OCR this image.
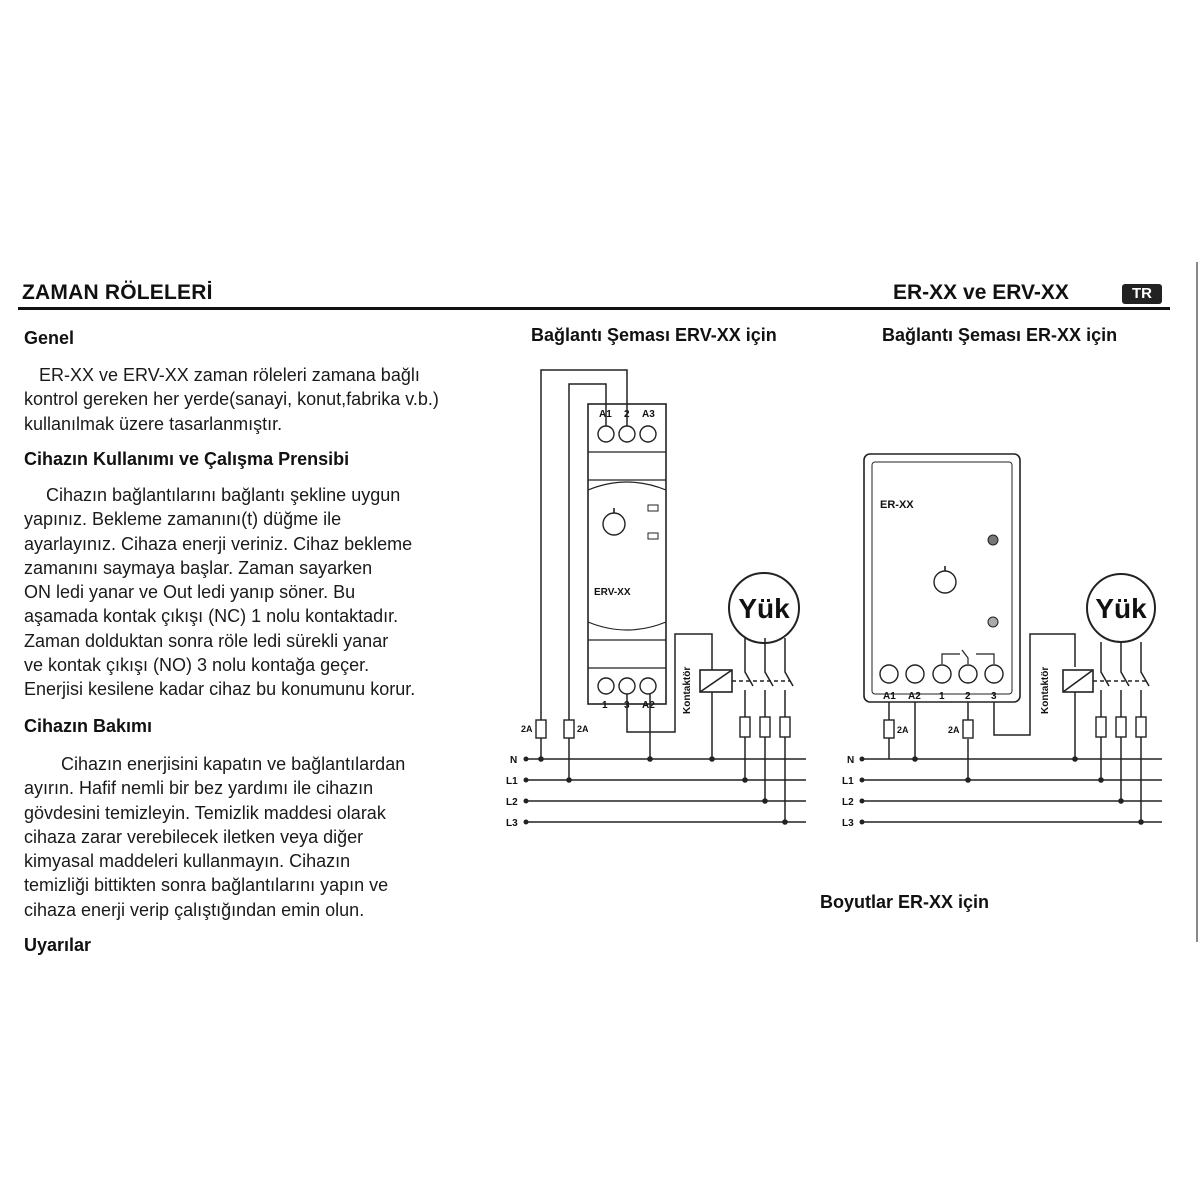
ZAMAN RÖLELERİ	ER-XX ve ERV-XX	TR
Genel

ER-XX ve ERV-XX zaman röleleri zamana bağlı
kontrol gereken her yerde(sanayi, konut,fabrika v.b.)
kullanılmak üzere tasarlanmıştır.

Cihazın Kullanımı ve Çalışma Prensibi

Cihazın bağlantılarını bağlantı şekline uygun
yapınız. Bekleme zamanını(t) düğme ile
ayarlayınız. Cihaza enerji veriniz. Cihaz bekleme
zamanını saymaya başlar. Zaman sayarken
ON ledi yanar ve Out ledi yanıp söner. Bu
aşamada kontak çıkışı (NC) 1 nolu kontaktadır.
Zaman dolduktan sonra röle ledi sürekli yanar
ve kontak çıkışı (NO) 3 nolu kontağa geçer.
Enerjisi kesilene kadar cihaz bu konumunu korur.

Cihazın Bakımı

Cihazın enerjisini kapatın ve bağlantılardan
ayırın. Hafif nemli bir bez yardımı ile cihazın
gövdesini temizleyin. Temizlik maddesi olarak
cihaza zarar verebilecek iletken veya diğer
kimyasal maddeleri kullanmayın. Cihazın
temizliği bittikten sonra bağlantılarını yapın ve
cihaza enerji verip çalıştığından emin olun.

Uyarılar
Bağlantı Şeması ERV-XX için	Bağlantı Şeması ER-XX için
Boyutlar ER-XX için
N
L1
L2
L3
N
L1
L2
L3
A1 2 A3
1 3 A2
ERV-XX
2A	2A
Kontaktör
Yük
ER-XX
A1 A2 1 2 3
2A	2A
Kontaktör
Yük
